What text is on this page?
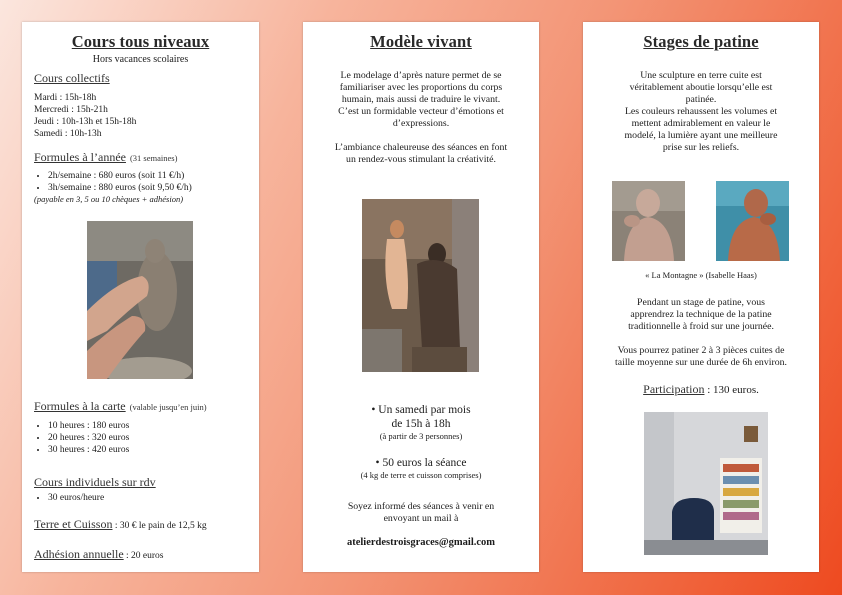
Cours tous niveaux
Hors vacances scolaires
Cours collectifs
Mardi : 15h-18h
Mercredi : 15h-21h
Jeudi : 10h-13h et 15h-18h
Samedi : 10h-13h
Formules à l’année (31 semaines)
• 2h/semaine : 680 euros (soit 11 €/h)
• 3h/semaine : 880 euros (soit 9,50 €/h)
(payable en 3, 5 ou 10 chèques + adhésion)
Formules à la carte (valable jusqu’en juin)
• 10 heures : 180 euros
• 20 heures : 320 euros
• 30 heures : 420 euros
Cours individuels sur rdv
• 30 euros/heure
Terre et Cuisson : 30 € le pain de 12,5 kg
Adhésion annuelle : 20 euros
Modèle vivant
Le modelage d’après nature permet de se
familiariser avec les proportions du corps
humain, mais aussi de traduire le vivant.
C’est un formidable vecteur d’émotions et
d’expressions.
L’ambiance chaleureuse des séances en font
un rendez-vous stimulant la créativité.
• Un samedi par mois
de 15h à 18h
(à partir de 3 personnes)
• 50 euros la séance
(4 kg de terre et cuisson comprises)
Soyez informé des séances à venir en
envoyant un mail à
atelierdestroisgraces@gmail.com
Stages de patine
Une sculpture en terre cuite est
véritablement aboutie lorsqu’elle est
patinée.
Les couleurs rehaussent les volumes et
mettent admirablement en valeur le
modelé, la lumière ayant une meilleure
prise sur les reliefs.
« La Montagne » (Isabelle Haas)
Pendant un stage de patine, vous
apprendrez la technique de la patine
traditionnelle à froid sur une journée.
Vous pourrez patiner 2 à 3 pièces cuites de
taille moyenne sur une durée de 6h environ.
Participation : 130 euros.
